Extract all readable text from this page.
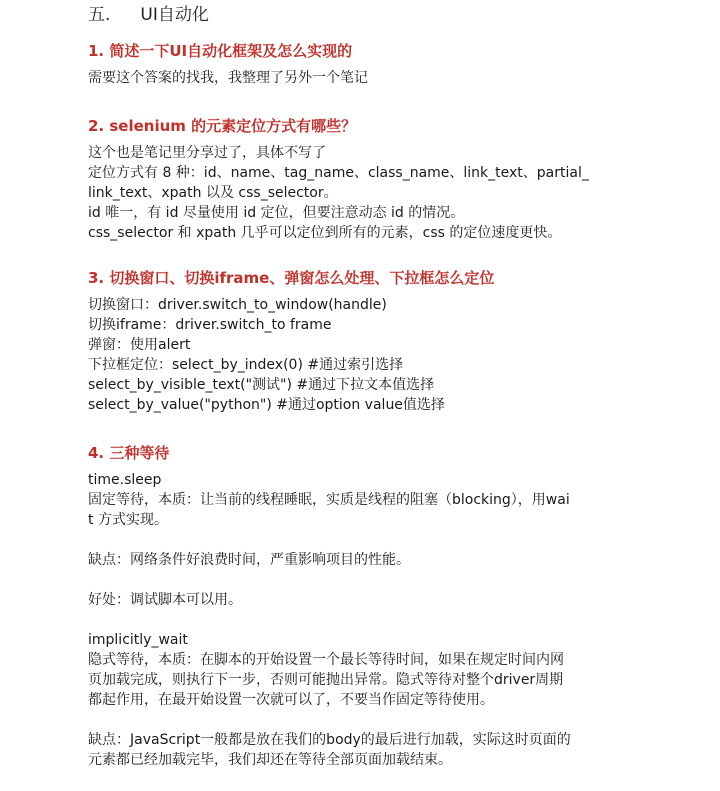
五. UI自动化
1. 简述一下UI自动化框架及怎么实现的
需要这个答案的找我，我整理了另外一个笔记
2. selenium 的元素定位方式有哪些？
这个也是笔记里分享过了，具体不写了
定位方式有 8 种：id、name、tag_name、class_name、link_text、partial_
link_text、xpath 以及 css_selector。
id 唯一，有 id 尽量使用 id 定位，但要注意动态 id 的情况。
css_selector 和 xpath 几乎可以定位到所有的元素，css 的定位速度更快。
3. 切换窗口、切换iframe、弹窗怎么处理、下拉框怎么定位
切换窗口：driver.switch_to_window(handle)
切换iframe：driver.switch_to frame
弹窗：使用alert
下拉框定位：select_by_index(0) #通过索引选择
select_by_visible_text("测试") #通过下拉文本值选择
select_by_value("python") #通过option value值选择
4. 三种等待
time.sleep
固定等待，本质：让当前的线程睡眠，实质是线程的阻塞（blocking），用wai
t 方式实现。
缺点：网络条件好浪费时间，严重影响项目的性能。
好处：调试脚本可以用。
implicitly_wait
隐式等待，本质：在脚本的开始设置一个最长等待时间，如果在规定时间内网
页加载完成，则执行下一步，否则可能抛出异常。隐式等待对整个driver周期
都起作用，在最开始设置一次就可以了，不要当作固定等待使用。
缺点：JavaScript一般都是放在我们的body的最后进行加载，实际这时页面的
元素都已经加载完毕，我们却还在等待全部页面加载结束。
